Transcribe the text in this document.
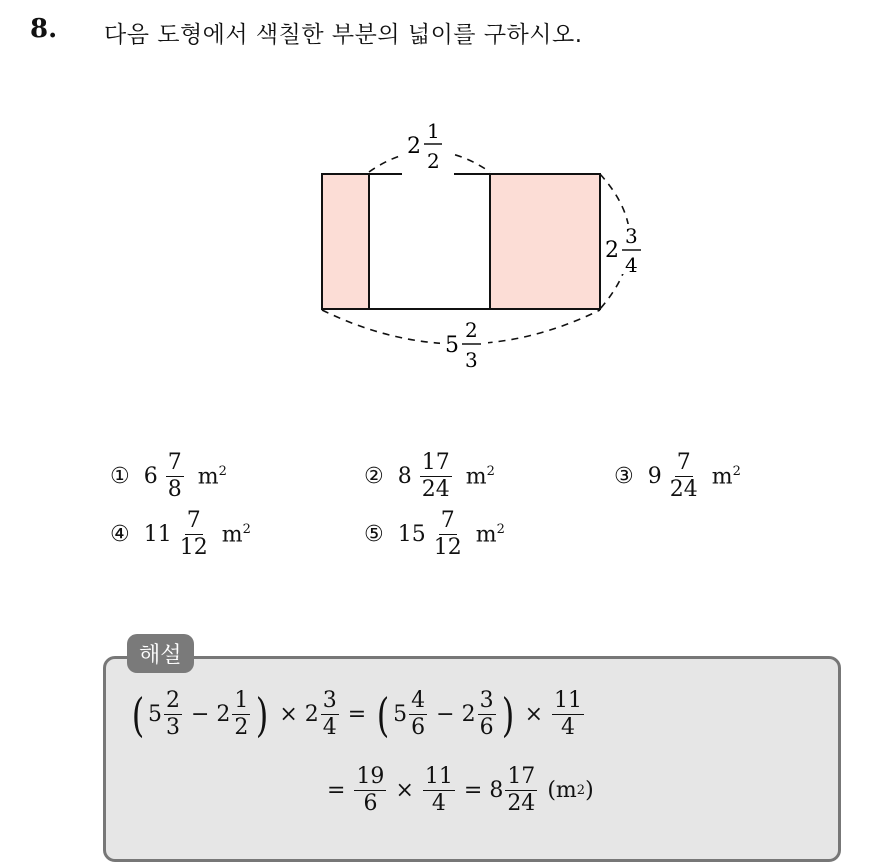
8. 다음 도형에서 색칠한 부분의 넓이를 구하시오.
2
1
2
2
3
4
5
2
3
① $6 \frac{7}{8} m^2$	② $8 \frac{17}{24} m^2$	③ $9 \frac{7}{24} m^2$
④ $11 \frac{7}{12} m^2$	⑤ $15 \frac{7}{12} m^2$
해설
( $5 \frac{2}{3} - 2 \frac{1}{2}$ ) × $2 \frac{3}{4}$ = ( $5 \frac{4}{6} - 2 \frac{3}{6}$ ) × $\frac{11}{4}$
= $\frac{19}{6} \times \frac{11}{4} = 8 \frac{17}{24}$ ( m 2 )
